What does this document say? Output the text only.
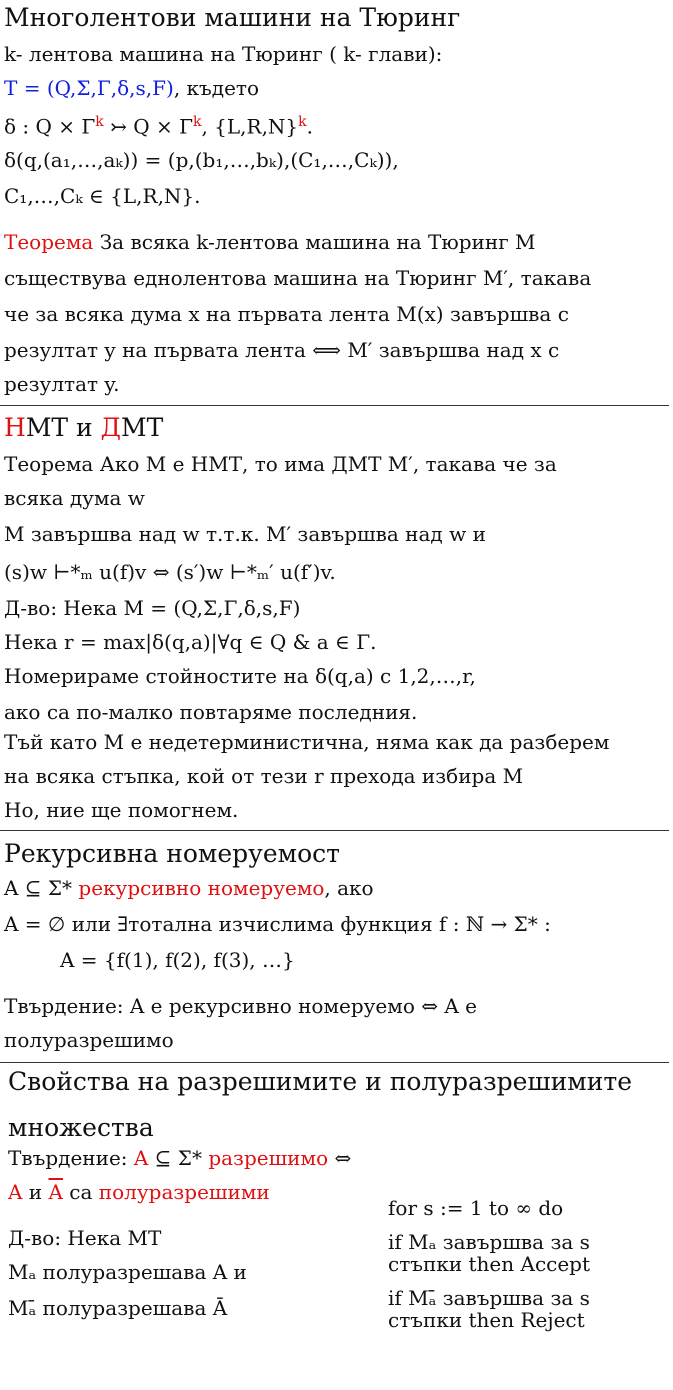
Многолентови машини на Тюринг
k- лентова машина на Тюринг ( k- глави):
T = (Q,Σ,Γ,δ,s,F), където
δ : $Q \times \Gamma^k$ ↣ $Q \times \Gamma^k$, $\{L,R,N\}^k$.
δ(q,(a₁,…,aₖ)) = (p,(b₁,…,bₖ),(C₁,…,Cₖ)),
C₁,…,Cₖ ∈ {L,R,N}.
Теорема За всяка k-лентова машина на Тюринг M
съществува еднолентова машина на Тюринг M′, такава
че за всяка дума x на първата лента M(x) завършва с
резултат y на първата лента ⟺ M′ завършва над x с
резултат y.
НМТ и ДМТ
Теорема Ако M е НМТ, то има ДМТ M′, такава че за
всяка дума w
M завършва над w т.т.к. M′ завършва над w и
(s)w ⊢*ₘ u(f)v ⇔ (s′)w ⊢*ₘ′ u(f′)v.
Д-во: Нека M = (Q,Σ,Γ,δ,s,F)
Нека r = max|δ(q,a)|∀q ∈ Q & a ∈ Γ.
Номерираме стойностите на δ(q,a) с 1,2,…,r,
ако са по-малко повтаряме последния.
Тъй като M е недетерминистична, няма как да разберем
на всяка стъпка, кой от тези r прехода избира M
Но, ние ще помогнем.
Рекурсивна номеруемост
A ⊆ Σ* рекурсивно номеруемо, ако
A = ∅ или ∃тотална изчислима функция f : ℕ → Σ* :
A = {f(1), f(2), f(3), …}
Твърдение: A е рекурсивно номеруемо ⇔ A е
полуразрешимо
Свойства на разрешимите и полуразрешимите
множества
Твърдение: A ⊆ Σ* разрешимо ⇔
A и $\overline{A}$ са полуразрешими
Д-во: Нека МТ
Mₐ полуразрешава A и
Mₐ̄ полуразрешава Ā
for s := 1 to ∞ do
if Mₐ завършва за s
стъпки then Accept
if Mₐ̄ завършва за s
стъпки then Reject
